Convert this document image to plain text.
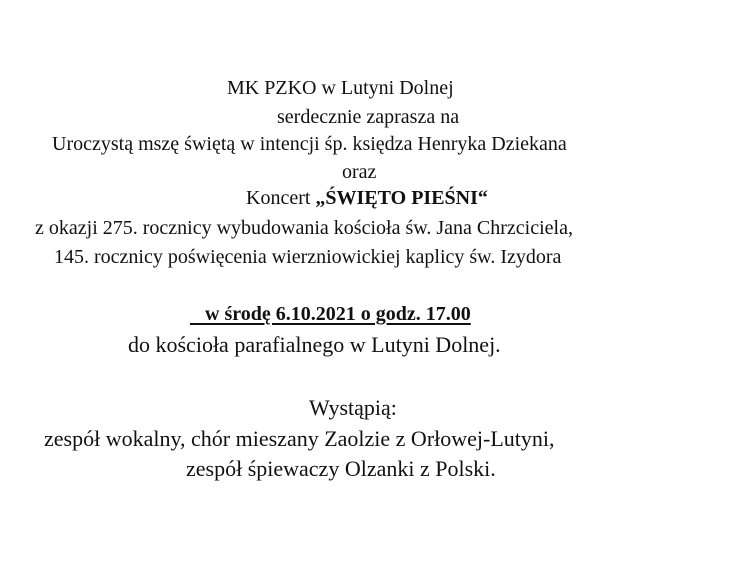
MK PZKO w Lutyni Dolnej
serdecznie zaprasza na
Uroczystą mszę świętą w intencji śp. księdza Henryka Dziekana
oraz
Koncert „ŚWIĘTO PIEŚNI“
z okazji 275. rocznicy wybudowania kościoła św. Jana Chrzciciela,
145. rocznicy poświęcenia wierzniowickiej kaplicy św. Izydora
w środę 6.10.2021 o godz. 17.00
do kościoła parafialnego w Lutyni Dolnej.
Wystąpią:
zespół wokalny, chór mieszany Zaolzie z Orłowej-Lutyni,
zespół śpiewaczy Olzanki z Polski.
